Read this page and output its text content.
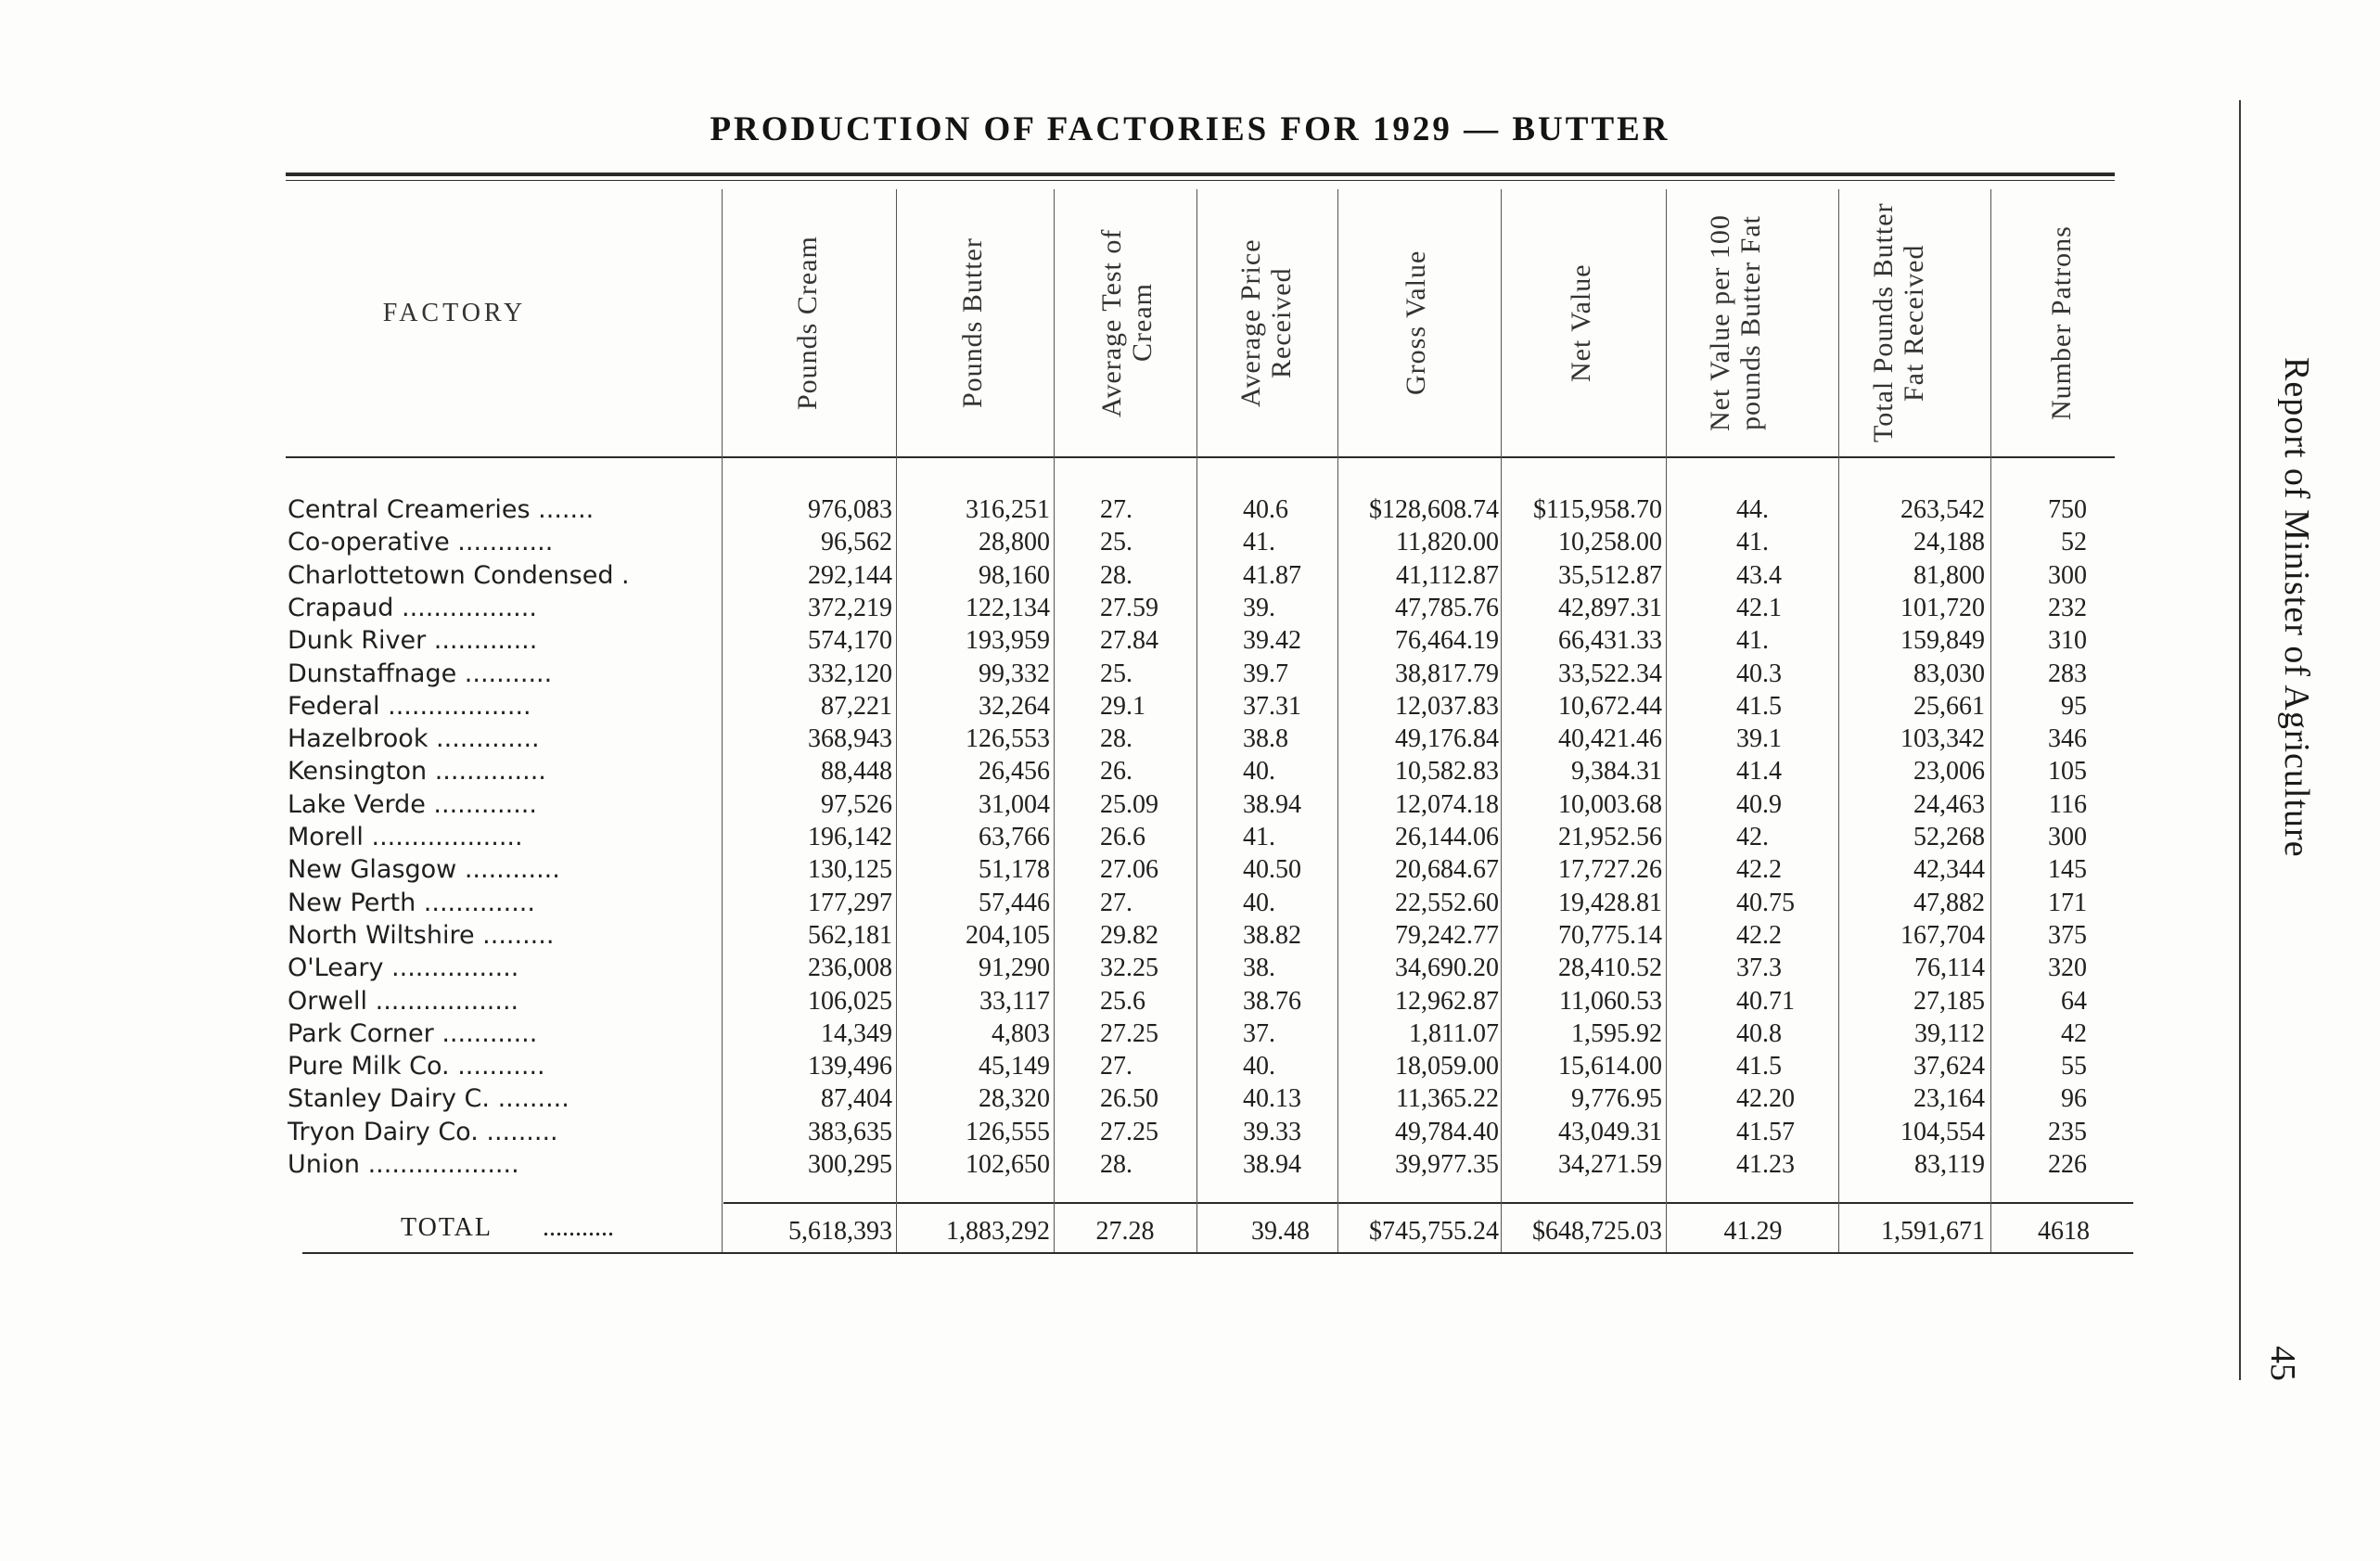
PRODUCTION OF FACTORIES FOR 1929 — BUTTER
Report of Minister of Agriculture
45
FACTORY	Pounds Cream	Pounds Butter	Average Test of Cream	Average Price Received	Gross Value	Net Value	Net Value per 100 pounds Butter Fat	Total Pounds Butter Fat Received	Number Patrons
Central Creameries .......	976,083	316,251 27.	40.6	$128,608.74	$115,958.70	44.	263,542	750
Co-operative ............	96,562	28,800 25.	41.	11,820.00	10,258.00	41.	24,188	52
Charlottetown Condensed .	292,144	98,160 28.	41.87	41,112.87	35,512.87	43.4	81,800	300
Crapaud .................	372,219	122,134 27.59	39.	47,785.76	42,897.31	42.1	101,720	232
Dunk River .............	574,170	193,959 27.84	39.42	76,464.19	66,431.33	41.	159,849	310
Dunstaffnage ...........	332,120	99,332 25.	39.7	38,817.79	33,522.34	40.3	83,030	283
Federal ..................	87,221	32,264 29.1	37.31	12,037.83	10,672.44	41.5	25,661	95
Hazelbrook .............	368,943	126,553 28.	38.8	49,176.84	40,421.46	39.1	103,342	346
Kensington ..............	88,448	26,456 26.	40.	10,582.83	9,384.31	41.4	23,006	105
Lake Verde .............	97,526	31,004 25.09	38.94	12,074.18	10,003.68	40.9	24,463	116
Morell ...................	196,142	63,766 26.6	41.	26,144.06	21,952.56	42.	52,268	300
New Glasgow ............	130,125	51,178 27.06	40.50	20,684.67	17,727.26	42.2	42,344	145
New Perth ..............	177,297	57,446 27.	40.	22,552.60	19,428.81	40.75	47,882	171
North Wiltshire .........	562,181	204,105 29.82	38.82	79,242.77	70,775.14	42.2	167,704	375
O'Leary ................	236,008	91,290 32.25	38.	34,690.20	28,410.52	37.3	76,114	320
Orwell ..................	106,025	33,117 25.6	38.76	12,962.87	11,060.53	40.71	27,185	64
Park Corner ............	14,349	4,803 27.25	37.	1,811.07	1,595.92	40.8	39,112	42
Pure Milk Co. ...........	139,496	45,149 27.	40.	18,059.00	15,614.00	41.5	37,624	55
Stanley Dairy C. .........	87,404	28,320 26.50	40.13	11,365.22	9,776.95	42.20	23,164	96
Tryon Dairy Co. .........	383,635	126,555 27.25	39.33	49,784.40	43,049.31	41.57	104,554	235
Union ...................	300,295	102,650 28.	38.94	39,977.35	34,271.59	41.23	83,119	226
TOTAL ...........	5,618,393	1,883,292	27.28	39.48	$745,755.24	$648,725.03	41.29	1,591,671	4618
